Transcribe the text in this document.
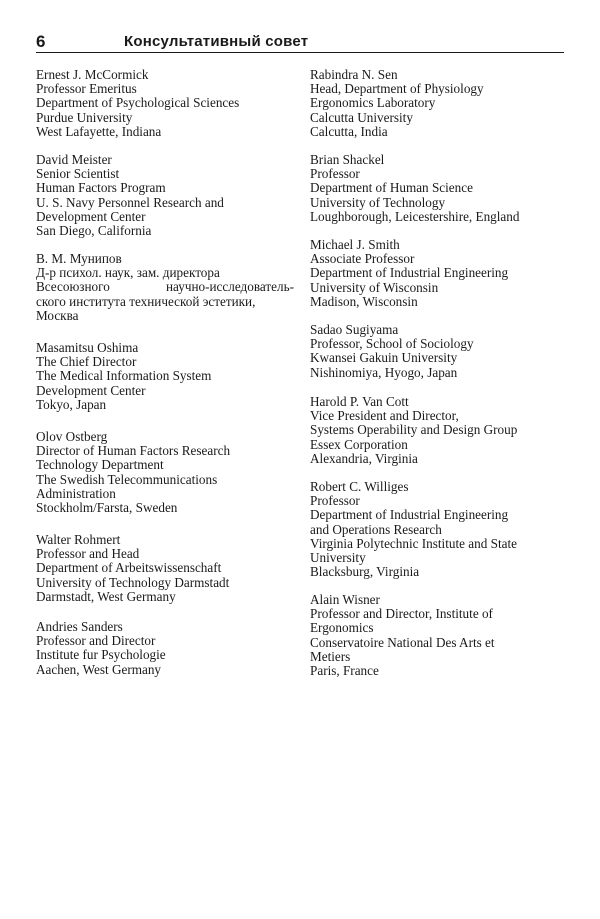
6	Консультативный совет
Ernest J. McCormick
Professor Emeritus
Department of Psychological Sciences
Purdue University
West Lafayette, Indiana
David Meister
Senior Scientist
Human Factors Program
U. S. Navy Personnel Research and
Development Center
San Diego, California
В. М. Мунипов
Д-р психол. наук, зам. директора
Всесоюзного	научно-исследователь-
ского института технической эстетики,
Москва
Masamitsu Oshima
The Chief Director
The Medical Information System
Development Center
Tokyo, Japan
Olov Ostberg
Director of Human Factors Research
Technology Department
The Swedish Telecommunications
Administration
Stockholm/Farsta, Sweden
Walter Rohmert
Professor and Head
Department of Arbeitswissenschaft
University of Technology Darmstadt
Darmstadt, West Germany
Andries Sanders
Professor and Director
Institute fur Psychologie
Aachen, West Germany
Rabindra N. Sen
Head, Department of Physiology
Ergonomics Laboratory
Calcutta University
Calcutta, India
Brian Shackel
Professor
Department of Human Science
University of Technology
Loughborough, Leicestershire, England
Michael J. Smith
Associate Professor
Department of Industrial Engineering
University of Wisconsin
Madison, Wisconsin
Sadao Sugiyama
Professor, School of Sociology
Kwansei Gakuin University
Nishinomiya, Hyogo, Japan
Harold P. Van Cott
Vice President and Director,
Systems Operability and Design Group
Essex Corporation
Alexandria, Virginia
Robert C. Williges
Professor
Department of Industrial Engineering
and Operations Research
Virginia Polytechnic Institute and State
University
Blacksburg, Virginia
Alain Wisner
Professor and Director, Institute of
Ergonomics
Conservatoire National Des Arts et
Metiers
Paris, France
